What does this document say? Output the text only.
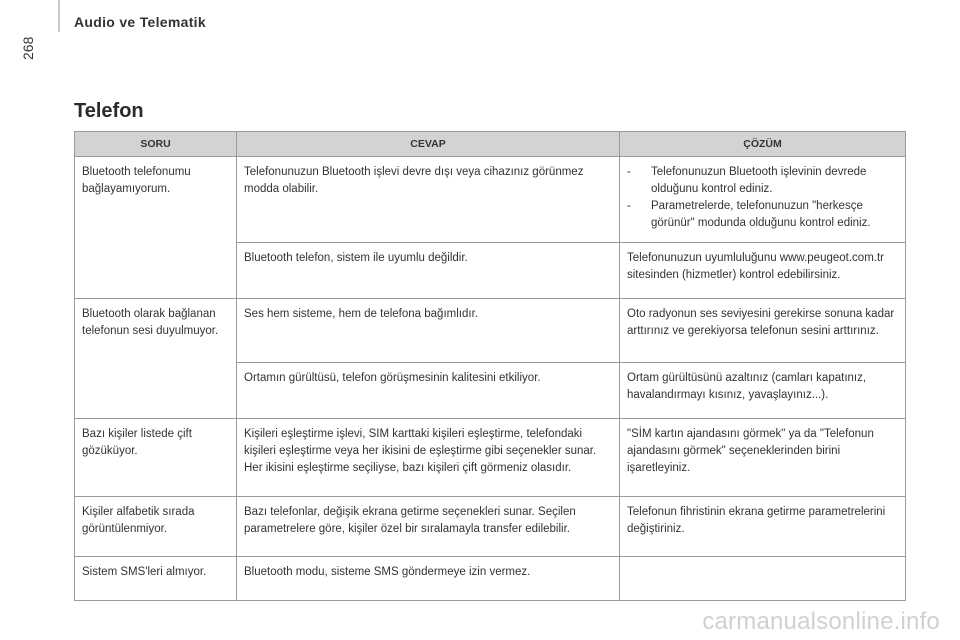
Audio ve Telematik
268
Telefon
SORU	CEVAP	ÇÖZÜM
Bluetooth telefonumu bağlayamıyorum.	Telefonunuzun Bluetooth işlevi devre dışı veya cihazınız görünmez modda olabilir.	- Telefonunuzun Bluetooth işlevinin devrede olduğunu kontrol ediniz.
- Parametrelerde, telefonunuzun "herkesçe görünür" modunda olduğunu kontrol ediniz.

	Bluetooth telefon, sistem ile uyumlu değildir.	Telefonunuzun uyumluluğunu www.peugeot.com.tr sitesinden (hizmetler) kontrol edebilirsiniz.
Bluetooth olarak bağlanan telefonun sesi duyulmuyor.	Ses hem sisteme, hem de telefona bağımlıdır.	Oto radyonun ses seviyesini gerekirse sonuna kadar arttırınız ve gerekiyorsa telefonun sesini arttırınız.
	Ortamın gürültüsü, telefon görüşmesinin kalitesini etkiliyor.	Ortam gürültüsünü azaltınız (camları kapatınız, havalandırmayı kısınız, yavaşlayınız...).
Bazı kişiler listede çift gözüküyor.	Kişileri eşleştirme işlevi, SIM karttaki kişileri eşleştirme, telefondaki kişileri eşleştirme veya her ikisini de eşleştirme gibi seçenekler sunar. Her ikisini eşleştirme seçiliyse, bazı kişileri çift görmeniz olasıdır.	"SİM kartın ajandasını görmek" ya da "Telefonun ajandasını görmek" seçeneklerinden birini işaretleyiniz.
Kişiler alfabetik sırada görüntülenmiyor.	Bazı telefonlar, değişik ekrana getirme seçenekleri sunar. Seçilen parametrelere göre, kişiler özel bir sıralamayla transfer edilebilir.	Telefonun fihristinin ekrana getirme parametrelerini değiştiriniz.
Sistem SMS'leri almıyor.	Bluetooth modu, sisteme SMS göndermeye izin vermez.	
carmanualsonline.info
